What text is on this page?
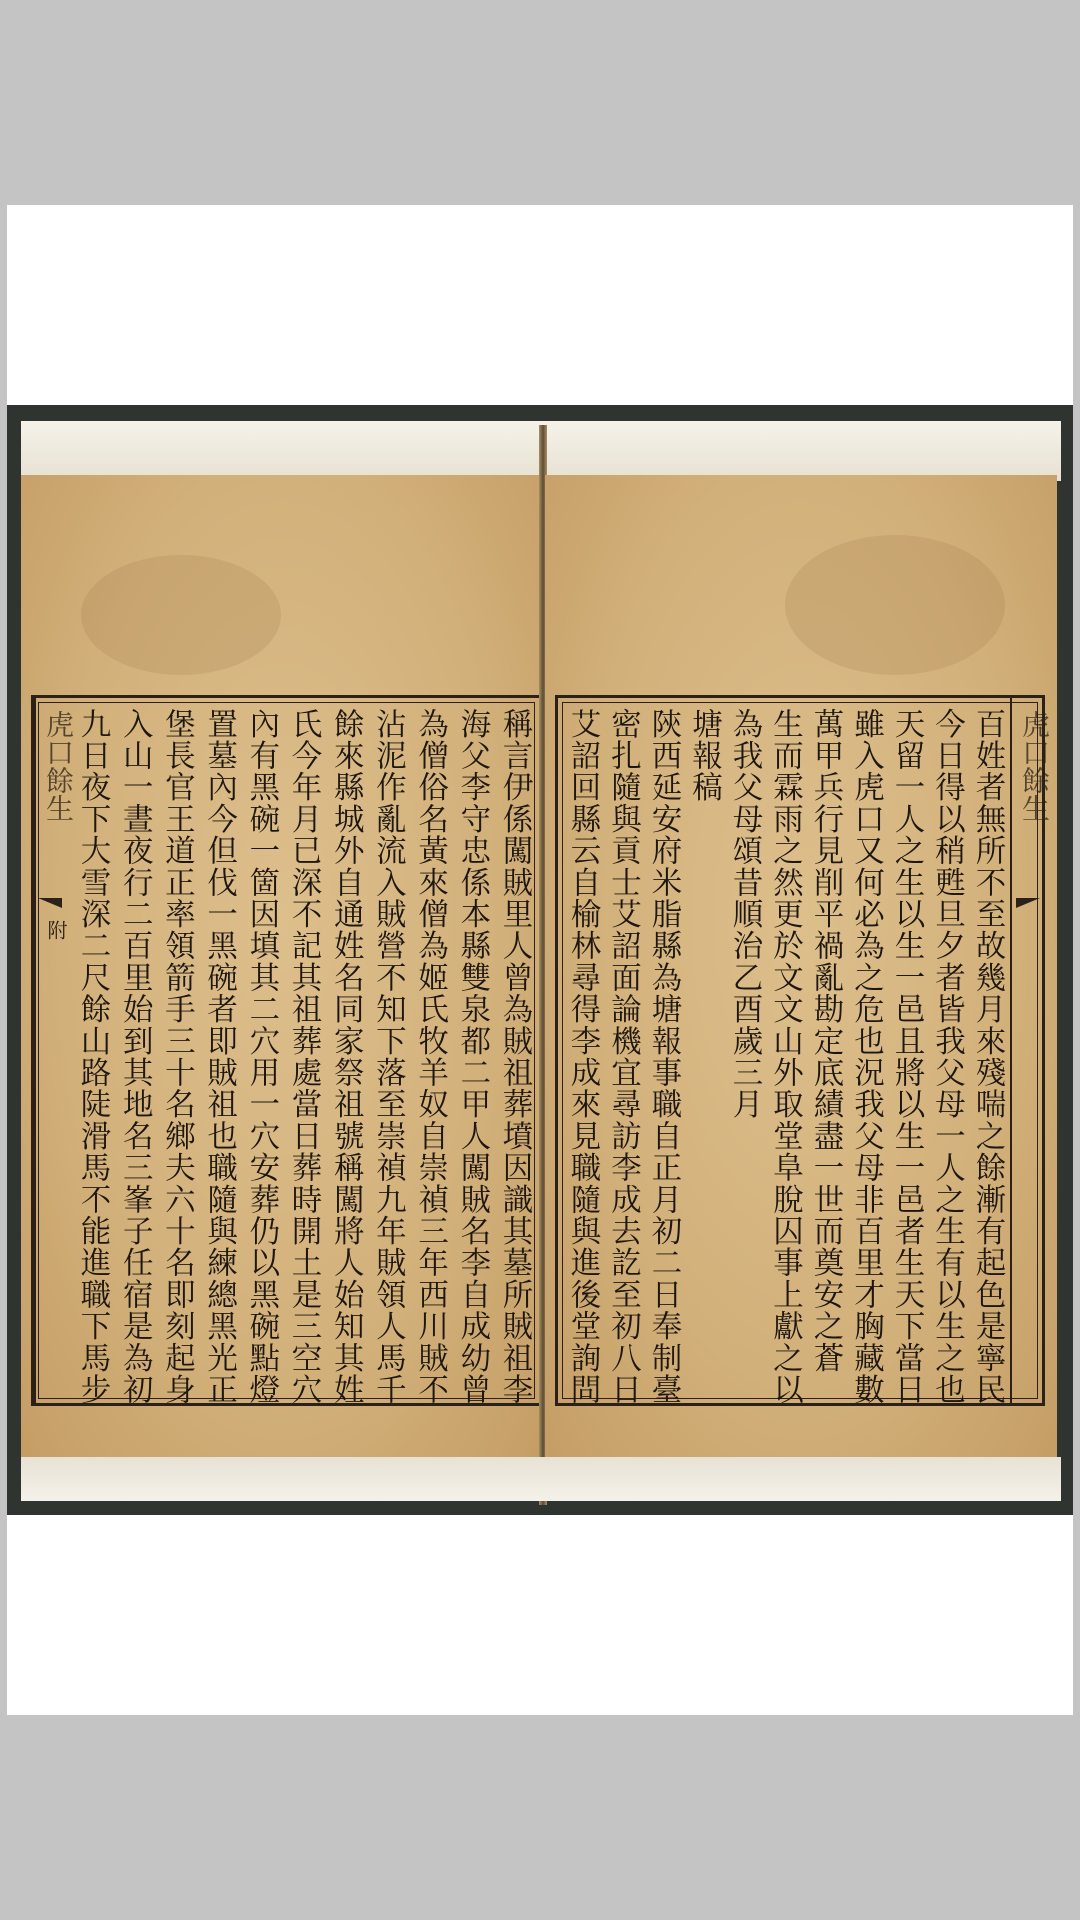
稱言伊係闖賊里人曾為賊祖葬墳因識其墓所賊祖李
海父李守忠係本縣雙泉都二甲人闖賊名李自成幼曾
為僧俗名黃來僧為姬氏牧羊奴自崇禎三年西川賊不
沾泥作亂流入賊營不知下落至崇禎九年賊領人馬千
餘來縣城外自通姓名同家祭祖號稱闖將人始知其姓
氏今年月已深不記其祖葬處當日葬時開土是三空穴
內有黑碗一箇因填其二穴用一穴安葬仍以黑碗點燈
置墓內今但伐一黑碗者即賊祖也職隨與練總黑光正
堡長官王道正率領箭手三十名鄉夫六十名即刻起身
入山一晝夜行二百里始到其地名三峯子任宿是為初
九日夜下大雪深二尺餘山路陡滑馬不能進職下馬步
虎口餘生
附	百姓者無所不至故幾月來殘喘之餘漸有起色是寧民
今日得以稍甦旦夕者皆我父母一人之生有以生之也
天留一人之生以生一邑且將以生一邑者生天下當日
雖入虎口又何必為之危也況我父母非百里才胸藏數
萬甲兵行見削平禍亂勘定底績盡一世而奠安之蒼
生而霖雨之然更於文文山外取堂阜脫囚事上獻之以
為我父母頌昔順治乙酉歲三月
塘報稿
陝西延安府米脂縣為塘報事職自正月初二日奉制臺
密扎隨與貢士艾詔面論機宜尋訪李成去訖至初八日
艾詔回縣云自榆林尋得李成來見職隨與進後堂詢問	虎口餘生
